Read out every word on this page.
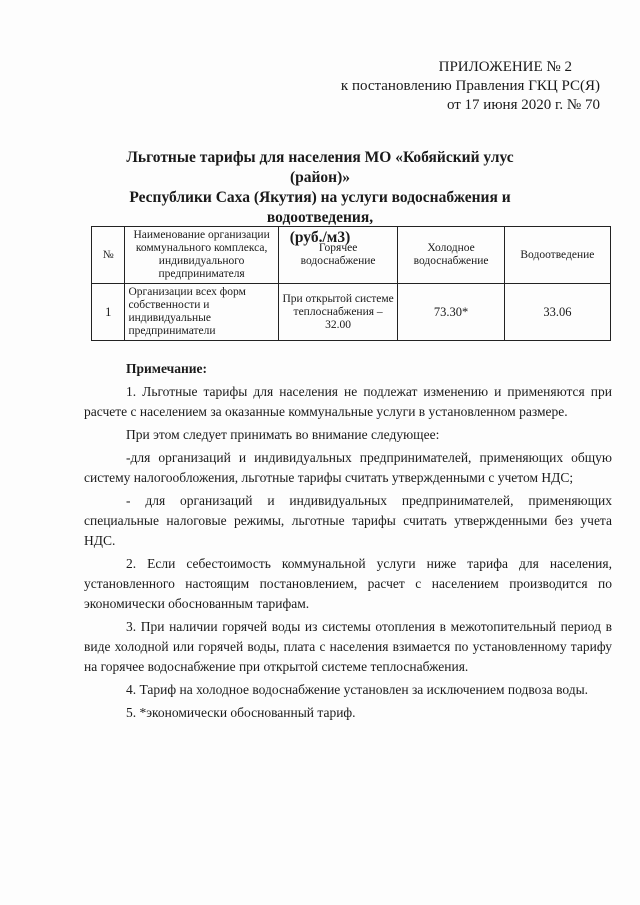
ПРИЛОЖЕНИЕ № 2
к постановлению Правления ГКЦ РС(Я)
от 17 июня 2020 г. № 70
Льготные тарифы для населения МО «Кобяйский улус (район)»
Республики Саха (Якутия) на услуги водоснабжения и водоотведения,
(руб./м3)
№	Наименование организации коммунального комплекса, индивидуального предпринимателя	Горячее водоснабжение	Холодное водоснабжение	Водоотведение
1	Организации всех форм собственности и индивидуальные предприниматели	При открытой системе теплоснабжения – 32.00	73.30*	33.06

Примечание:

1. Льготные тарифы для населения не подлежат изменению и применяются при расчете с населением за оказанные коммунальные услуги в установленном размере.

При этом следует принимать во внимание следующее:

-для организаций и индивидуальных предпринимателей, применяющих общую систему налогообложения, льготные тарифы считать утвержденными с учетом НДС;

- для организаций и индивидуальных предпринимателей, применяющих специальные налоговые режимы, льготные тарифы считать утвержденными без учета НДС.

2. Если себестоимость коммунальной услуги ниже тарифа для населения, установленного настоящим постановлением, расчет с населением производится по экономически обоснованным тарифам.

3. При наличии горячей воды из системы отопления в межотопительный период в виде холодной или горячей воды, плата с населения взимается по установленному тарифу на горячее водоснабжение при открытой системе теплоснабжения.

4. Тариф на холодное водоснабжение установлен за исключением подвоза воды.

5. *экономически обоснованный тариф.
